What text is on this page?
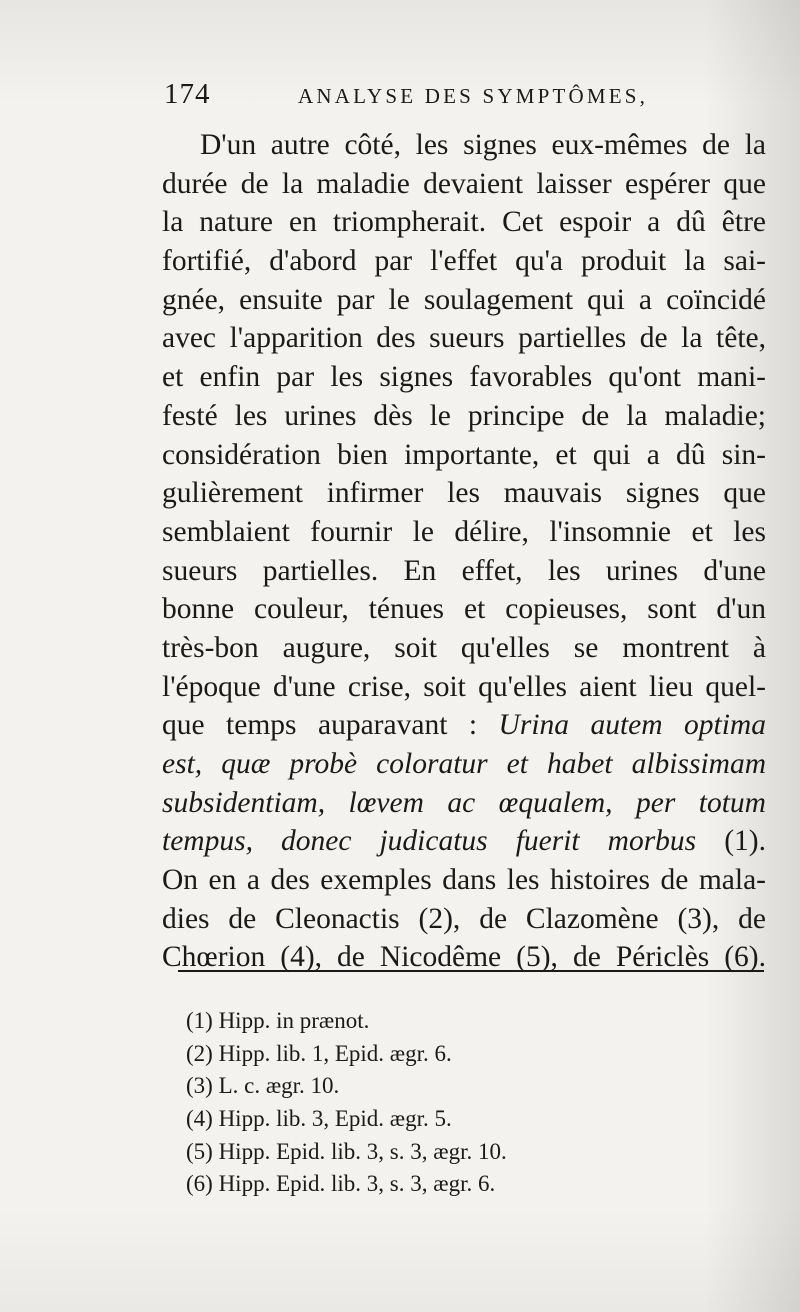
174	ANALYSE DES SYMPTÔMES,
D'un autre côté, les signes eux-mêmes de la
durée de la maladie devaient laisser espérer que
la nature en triompherait. Cet espoir a dû être
fortifié, d'abord par l'effet qu'a produit la sai-
gnée, ensuite par le soulagement qui a coïncidé
avec l'apparition des sueurs partielles de la tête,
et enfin par les signes favorables qu'ont mani-
festé les urines dès le principe de la maladie;
considération bien importante, et qui a dû sin-
gulièrement infirmer les mauvais signes que
semblaient fournir le délire, l'insomnie et les
sueurs partielles. En effet, les urines d'une
bonne couleur, ténues et copieuses, sont d'un
très-bon augure, soit qu'elles se montrent à
l'époque d'une crise, soit qu'elles aient lieu quel-
que temps auparavant : Urina autem optima
est, quæ probè coloratur et habet albissimam
subsidentiam, lœvem ac œqualem, per totum
tempus, donec judicatus fuerit morbus (1).
On en a des exemples dans les histoires de mala-
dies de Cleonactis (2), de Clazomène (3), de
Chœrion (4), de Nicodême (5), de Périclès (6).
(1) Hipp. in prænot.
(2) Hipp. lib. 1, Epid. ægr. 6.
(3) L. c. ægr. 10.
(4) Hipp. lib. 3, Epid. ægr. 5.
(5) Hipp. Epid. lib. 3, s. 3, ægr. 10.
(6) Hipp. Epid. lib. 3, s. 3, ægr. 6.
